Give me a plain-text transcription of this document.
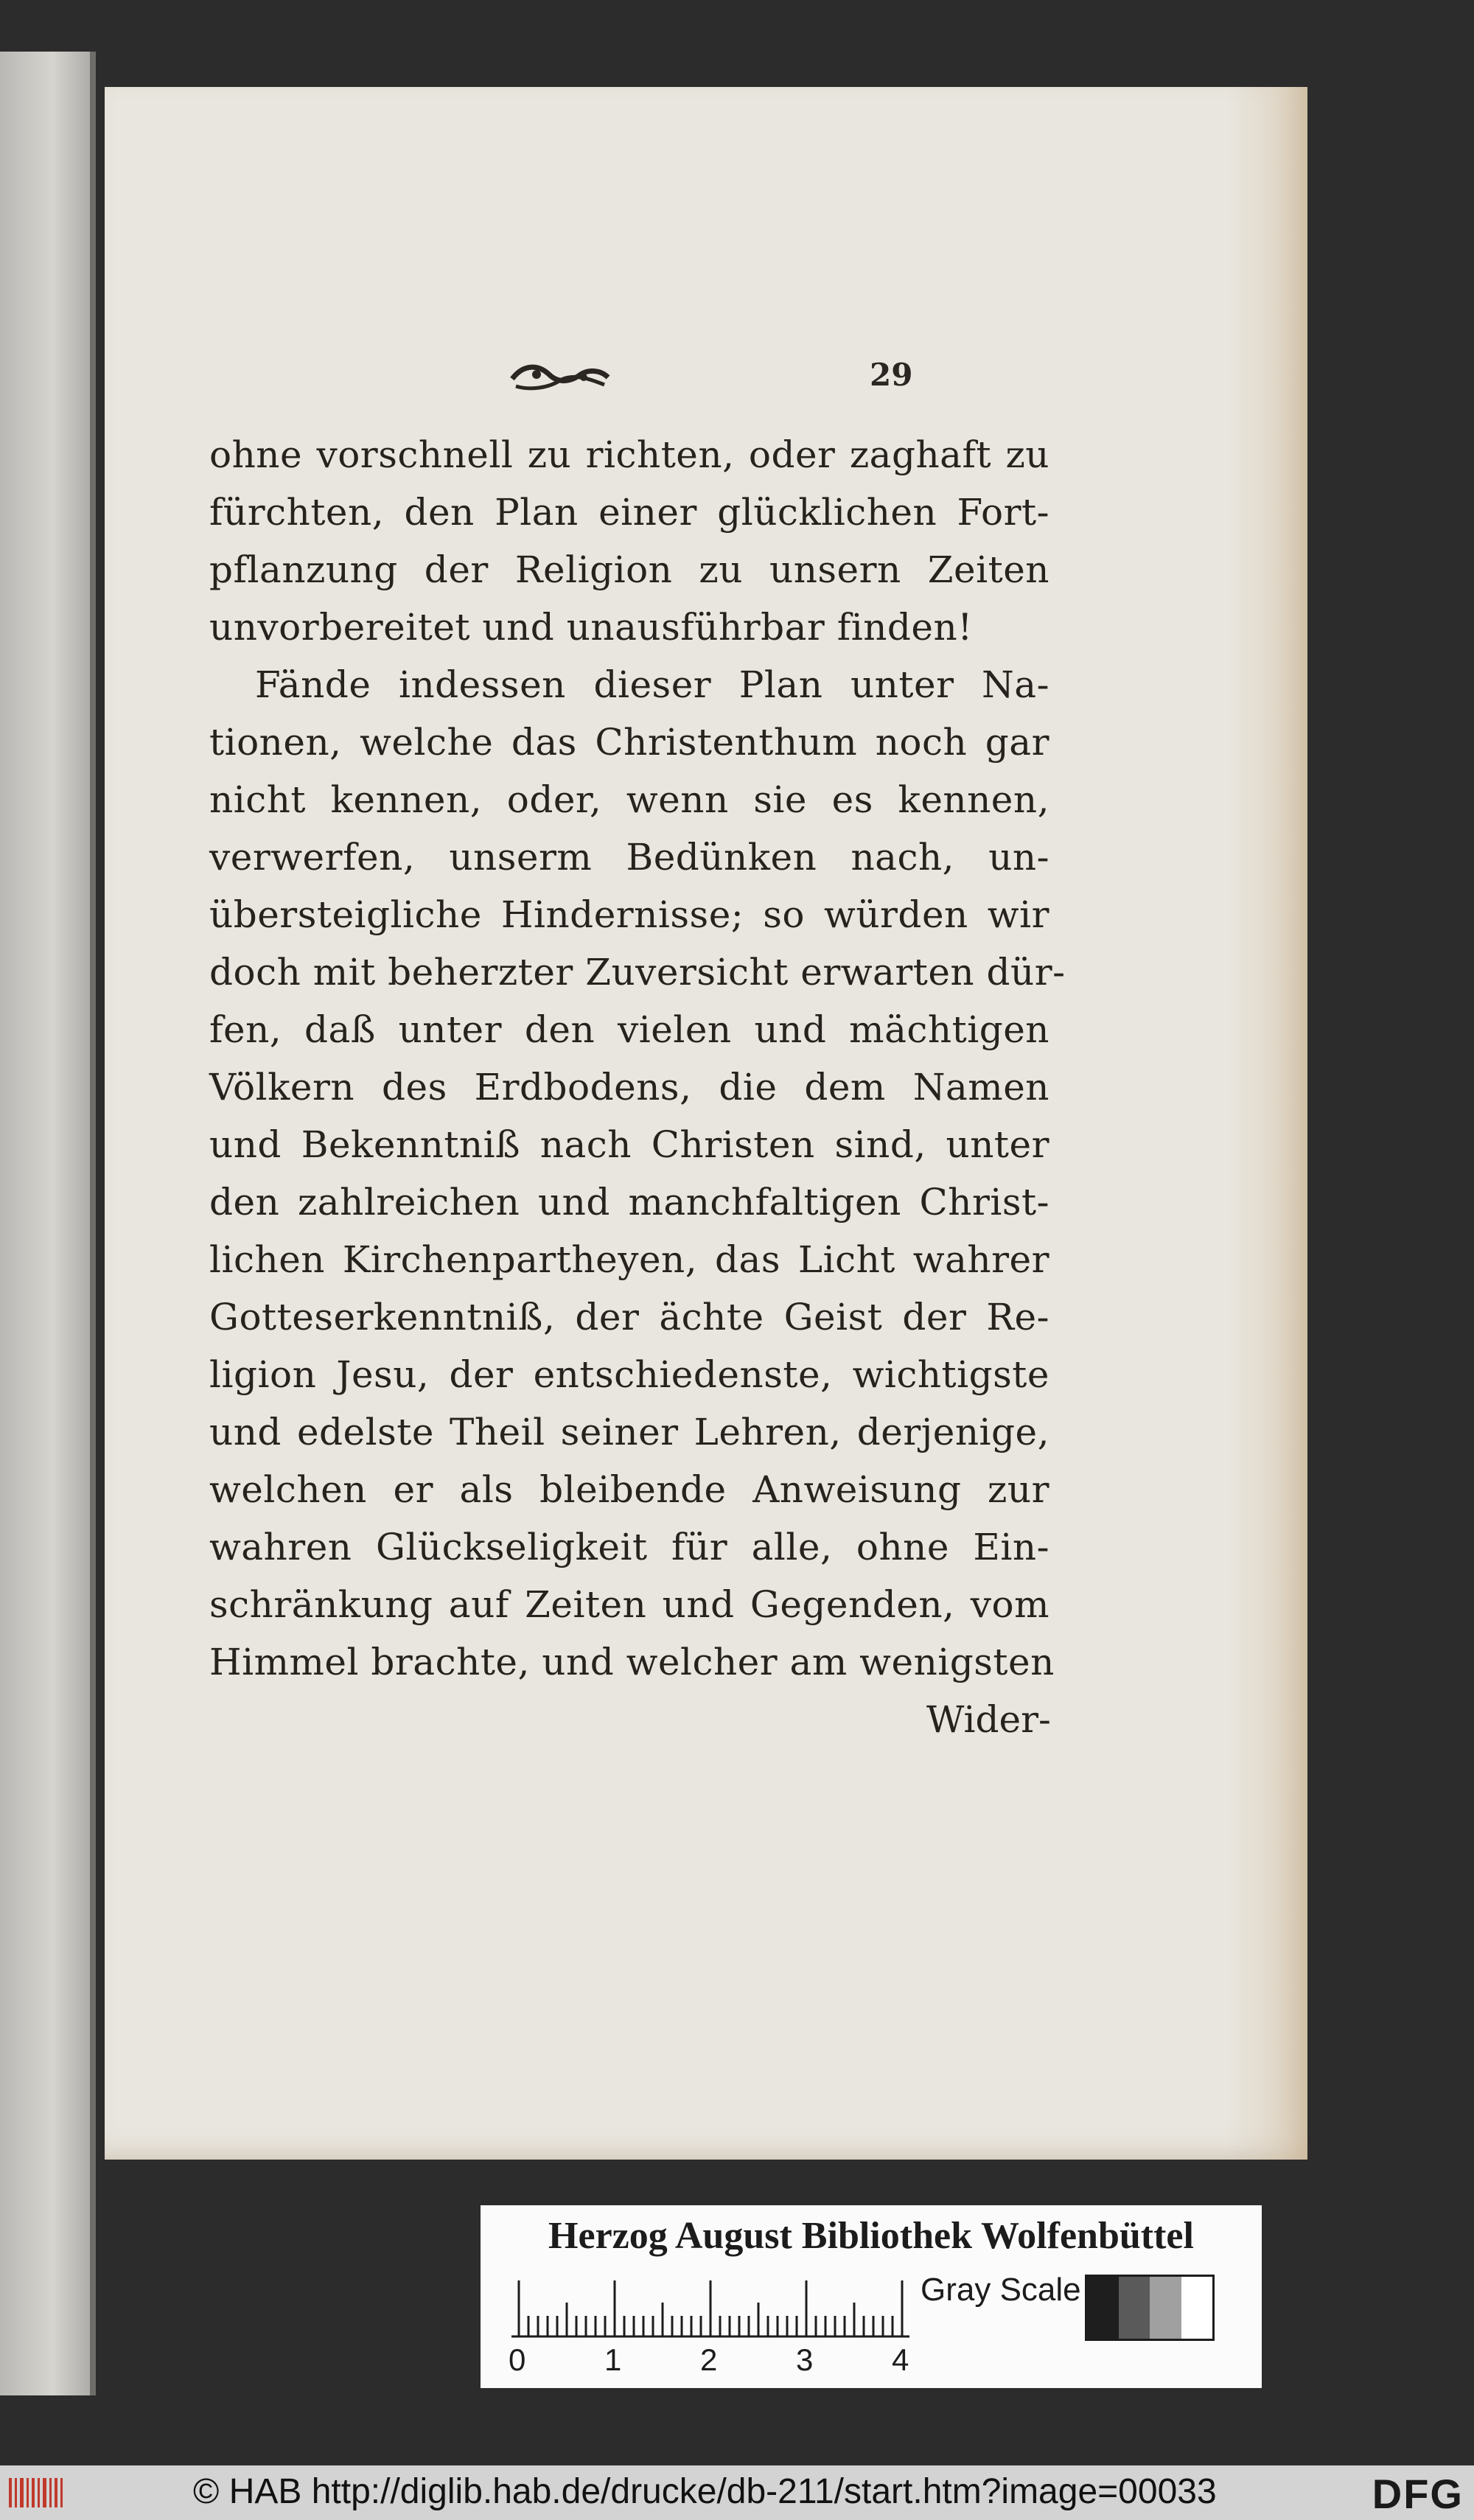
29
ohne vorschnell zu richten, oder zaghaft zu
fürchten, den Plan einer glücklichen Fort-
pflanzung der Religion zu unsern Zeiten
unvorbereitet und unausführbar finden!
Fände indessen dieser Plan unter Na-
tionen, welche das Christenthum noch gar
nicht kennen, oder, wenn sie es kennen,
verwerfen, unserm Bedünken nach, un-
übersteigliche Hindernisse; so würden wir
doch mit beherzter Zuversicht erwarten dür-
fen, daß unter den vielen und mächtigen
Völkern des Erdbodens, die dem Namen
und Bekenntniß nach Christen sind, unter
den zahlreichen und manchfaltigen Christ-
lichen Kirchenpartheyen, das Licht wahrer
Gotteserkenntniß, der ächte Geist der Re-
ligion Jesu, der entschiedenste, wichtigste
und edelste Theil seiner Lehren, derjenige,
welchen er als bleibende Anweisung zur
wahren Glückseligkeit für alle, ohne Ein-
schränkung auf Zeiten und Gegenden, vom
Himmel brachte, und welcher am wenigsten
Wider-
Herzog August Bibliothek Wolfenbüttel
0	1	2	3	4
Gray Scale
© HAB http://diglib.hab.de/drucke/db-211/start.htm?image=00033	DFG
